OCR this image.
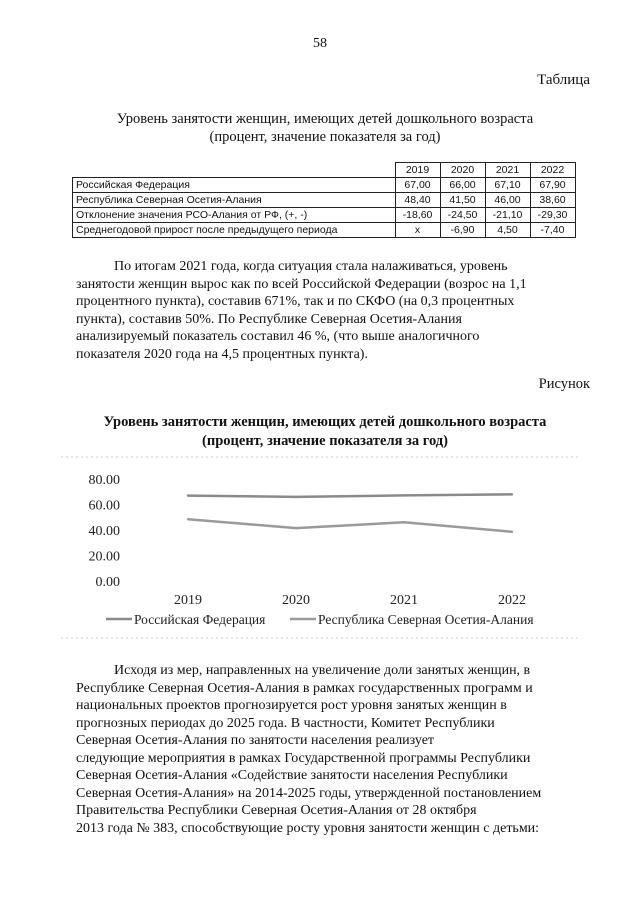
58
Таблица
Уровень занятости женщин, имеющих детей дошкольного возраста
(процент, значение показателя за год)
	2019	2020	2021	2022
Российская Федерация	67,00	66,00	67,10	67,90
Республика Северная Осетия-Алания	48,40	41,50	46,00	38,60
Отклонение значения РСО-Алания от РФ, (+, -)	-18,60	-24,50	-21,10	-29,30
Среднегодовой прирост после предыдущего периода	x	-6,90	4,50	-7,40

По итогам 2021 года, когда ситуация стала налаживаться, уровень

занятости женщин вырос как по всей Российской Федерации (возрос на 1,1

процентного пункта), составив 671%, так и по СКФО (на 0,3 процентных

пункта), составив 50%. По Республике Северная Осетия-Алания

анализируемый показатель составил 46 %, (что выше аналогичного

показателя 2020 года на 4,5 процентных пункта).

Рисунок
Уровень занятости женщин, имеющих детей дошкольного возраста
(процент, значение показателя за год)
80.00
60.00
40.00
20.00
0.00
2019	2020	2021	2022
Российская Федерация	Республика Северная Осетия-Алания

Исходя из мер, направленных на увеличение доли занятых женщин, в

Республике Северная Осетия-Алания в рамках государственных программ и

национальных проектов прогнозируется рост уровня занятых женщин в

прогнозных периодах до 2025 года. В частности, Комитет Республики

Северная Осетия-Алания по занятости населения реализует

следующие мероприятия в рамках Государственной программы Республики

Северная Осетия-Алания «Содействие занятости населения Республики

Северная Осетия-Алания» на 2014-2025 годы, утвержденной постановлением

Правительства Республики Северная Осетия-Алания от 28 октября

2013 года № 383, способствующие росту уровня занятости женщин с детьми:
